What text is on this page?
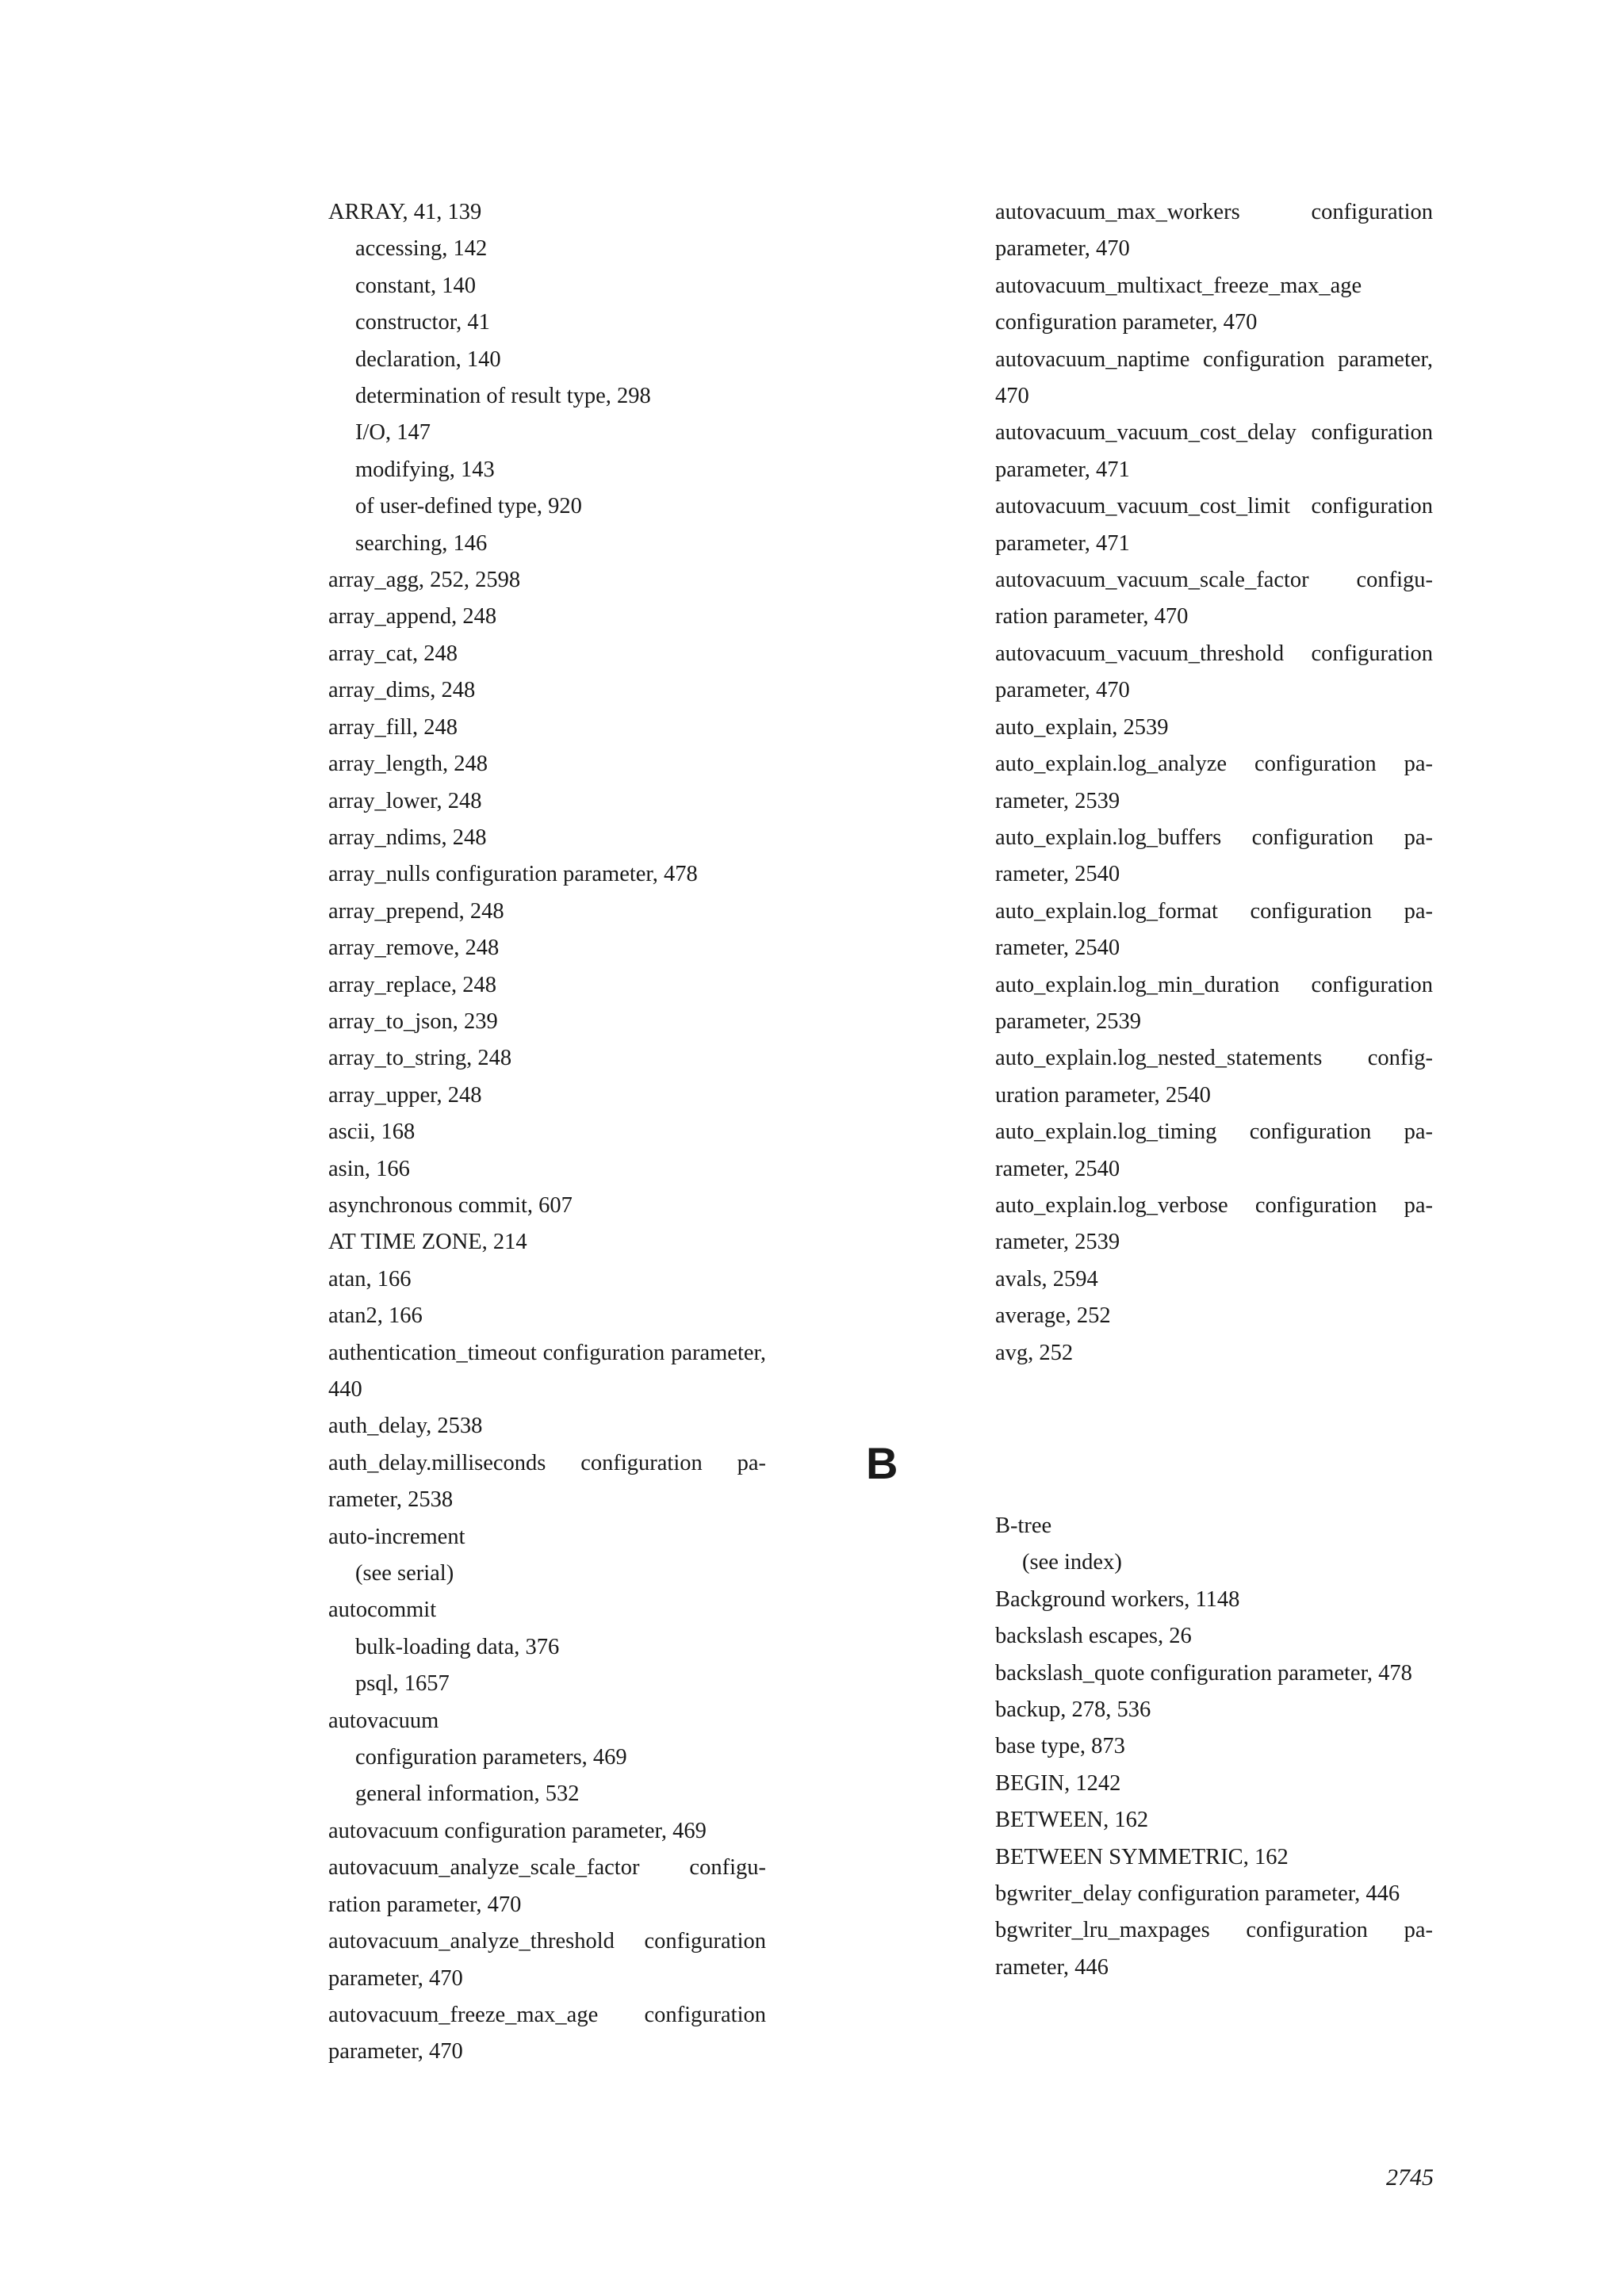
ARRAY, 41, 139
accessing, 142
constant, 140
constructor, 41
declaration, 140
determination of result type, 298
I/O, 147
modifying, 143
of user-defined type, 920
searching, 146
array_agg, 252, 2598
array_append, 248
array_cat, 248
array_dims, 248
array_fill, 248
array_length, 248
array_lower, 248
array_ndims, 248
array_nulls configuration parameter, 478
array_prepend, 248
array_remove, 248
array_replace, 248
array_to_json, 239
array_to_string, 248
array_upper, 248
ascii, 168
asin, 166
asynchronous commit, 607
AT TIME ZONE, 214
atan, 166
atan2, 166
authentication_timeout configuration parameter, 440
auth_delay, 2538
auth_delay.milliseconds configuration parameter, 2538
auto-increment
(see serial)
autocommit
bulk-loading data, 376
psql, 1657
autovacuum
configuration parameters, 469
general information, 532
autovacuum configuration parameter, 469
autovacuum_analyze_scale_factor configuration parameter, 470
autovacuum_analyze_threshold configuration parameter, 470
autovacuum_freeze_max_age configuration parameter, 470
autovacuum_max_workers configuration parameter, 470
autovacuum_multixact_freeze_max_age configuration parameter, 470
autovacuum_naptime configuration parameter, 470
autovacuum_vacuum_cost_delay configuration parameter, 471
autovacuum_vacuum_cost_limit configuration parameter, 471
autovacuum_vacuum_scale_factor configuration parameter, 470
autovacuum_vacuum_threshold configuration parameter, 470
auto_explain, 2539
auto_explain.log_analyze configuration parameter, 2539
auto_explain.log_buffers configuration parameter, 2540
auto_explain.log_format configuration parameter, 2540
auto_explain.log_min_duration configuration parameter, 2539
auto_explain.log_nested_statements configuration parameter, 2540
auto_explain.log_timing configuration parameter, 2540
auto_explain.log_verbose configuration parameter, 2539
avals, 2594
average, 252
avg, 252
B-tree
(see index)
Background workers, 1148
backslash escapes, 26
backslash_quote configuration parameter, 478
backup, 278, 536
base type, 873
BEGIN, 1242
BETWEEN, 162
BETWEEN SYMMETRIC, 162
bgwriter_delay configuration parameter, 446
bgwriter_lru_maxpages configuration parameter, 446
B
2745
